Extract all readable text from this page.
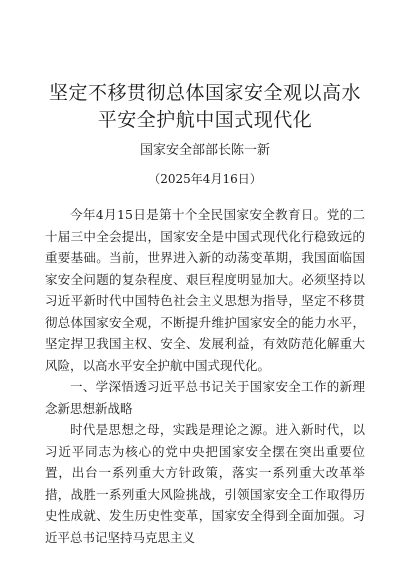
坚定不移贯彻总体国家安全观以高水平安全护航中国式现代化
国家安全部部长陈一新
（2025年4月16日）

今年4月15日是第十个全民国家安全教育日。党的二十届三中全会提出，国家安全是中国式现代化行稳致远的重要基础。当前，世界进入新的动荡变革期，我国面临国家安全问题的复杂程度、艰巨程度明显加大。必须坚持以习近平新时代中国特色社会主义思想为指导，坚定不移贯彻总体国家安全观，不断提升维护国家安全的能力水平，坚定捍卫我国主权、安全、发展利益，有效防范化解重大风险，以高水平安全护航中国式现代化。

一、学深悟透习近平总书记关于国家安全工作的新理念新思想新战略

时代是思想之母，实践是理论之源。进入新时代，以习近平同志为核心的党中央把国家安全摆在突出重要位置，出台一系列重大方针政策，落实一系列重大改革举措，战胜一系列重大风险挑战，引领国家安全工作取得历史性成就、发生历史性变革，国家安全得到全面加强。习近平总书记坚持马克思主义
